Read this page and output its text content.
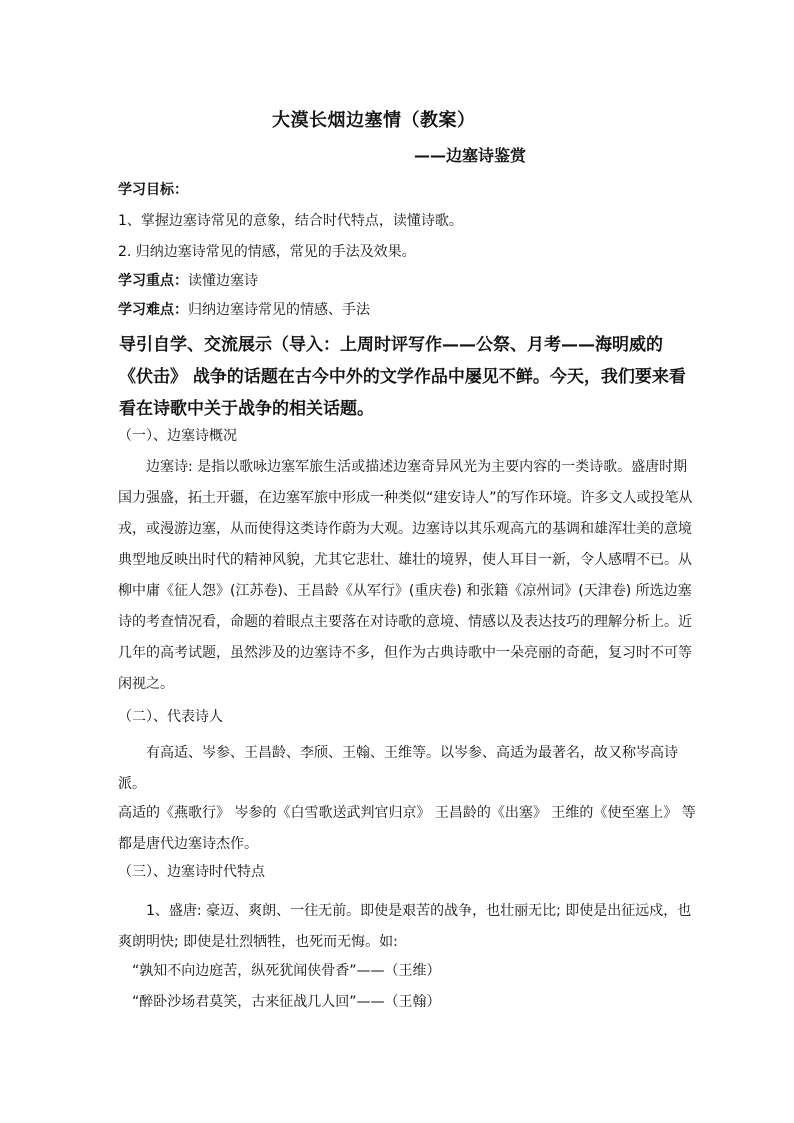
大漠长烟边塞情（教案）
——边塞诗鉴赏
学习目标：
1、掌握边塞诗常见的意象，结合时代特点，读懂诗歌。
2. 归纳边塞诗常见的情感，常见的手法及效果。
学习重点：读懂边塞诗
学习难点：归纳边塞诗常见的情感、手法

导引自学、交流展示（导入：上周时评写作——公祭、月考——海明威的《伏击》 战争的话题在古今中外的文学作品中屡见不鲜。今天，我们要来看看在诗歌中关于战争的相关话题。

（一）、边塞诗概况

边塞诗: 是指以歌咏边塞军旅生活或描述边塞奇异风光为主要内容的一类诗歌。盛唐时期国力强盛，拓土开疆，在边塞军旅中形成一种类似“建安诗人”的写作环境。许多文人或投笔从戎，或漫游边塞，从而使得这类诗作蔚为大观。边塞诗以其乐观高亢的基调和雄浑壮美的意境典型地反映出时代的精神风貌，尤其它悲壮、雄壮的境界，使人耳目一新，令人感喟不已。从柳中庸《征人怨》(江苏卷)、王昌龄《从军行》(重庆卷) 和张籍《凉州词》(天津卷) 所选边塞诗的考查情况看，命题的着眼点主要落在对诗歌的意境、情感以及表达技巧的理解分析上。近几年的高考试题，虽然涉及的边塞诗不多，但作为古典诗歌中一朵亮丽的奇葩，复习时不可等闲视之。

（二）、代表诗人

有高适、岑参、王昌龄、李颀、王翰、王维等。以岑参、高适为最著名，故又称岑高诗派。

高适的《燕歌行》 岑参的《白雪歌送武判官归京》 王昌龄的《出塞》 王维的《使至塞上》 等都是唐代边塞诗杰作。
（三）、边塞诗时代特点

1、盛唐: 豪迈、爽朗、一往无前。即使是艰苦的战争，也壮丽无比; 即使是出征远戍，也爽朗明快; 即使是壮烈牺牲，也死而无悔。如:

“孰知不向边庭苦，纵死犹闻侠骨香”——（王维）
“醉卧沙场君莫笑，古来征战几人回”——（王翰）
